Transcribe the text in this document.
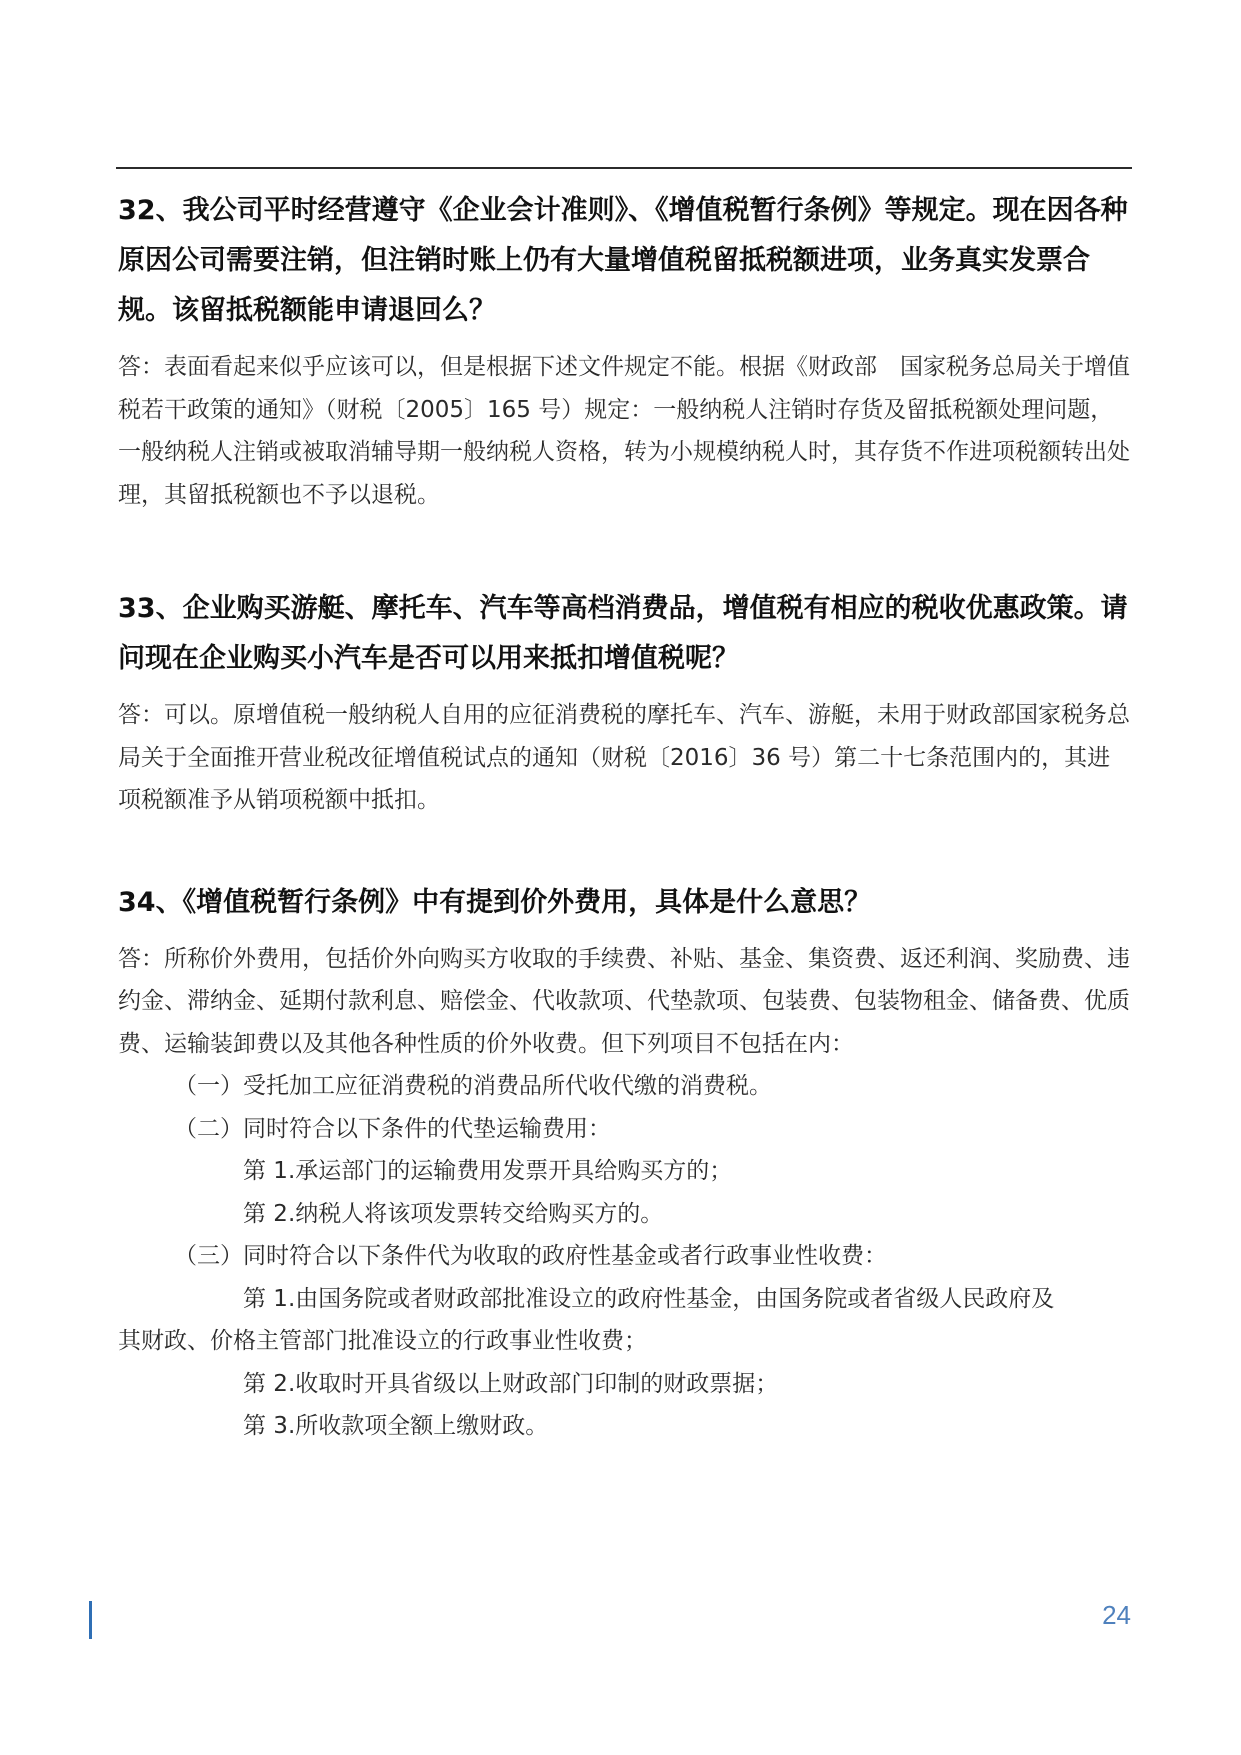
32、我公司平时经营遵守《企业会计准则》、《增值税暂行条例》等规定。现在因各种原因公司需要注销，但注销时账上仍有大量增值税留抵税额进项，业务真实发票合规。该留抵税额能申请退回么？

答：表面看起来似乎应该可以，但是根据下述文件规定不能。根据《财政部　国家税务总局关于增值税若干政策的通知》（财税〔2005〕165 号）规定：一般纳税人注销时存货及留抵税额处理问题，一般纳税人注销或被取消辅导期一般纳税人资格，转为小规模纳税人时，其存货不作进项税额转出处理，其留抵税额也不予以退税。

33、企业购买游艇、摩托车、汽车等高档消费品，增值税有相应的税收优惠政策。请问现在企业购买小汽车是否可以用来抵扣增值税呢？

答：可以。原增值税一般纳税人自用的应征消费税的摩托车、汽车、游艇，未用于财政部国家税务总局关于全面推开营业税改征增值税试点的通知（财税〔2016〕36 号）第二十七条范围内的，其进项税额准予从销项税额中抵扣。

34、《增值税暂行条例》中有提到价外费用，具体是什么意思？

答：所称价外费用，包括价外向购买方收取的手续费、补贴、基金、集资费、返还利润、奖励费、违约金、滞纳金、延期付款利息、赔偿金、代收款项、代垫款项、包装费、包装物租金、储备费、优质费、运输装卸费以及其他各种性质的价外收费。但下列项目不包括在内：

（一）受托加工应征消费税的消费品所代收代缴的消费税。
（二）同时符合以下条件的代垫运输费用：
第 1.承运部门的运输费用发票开具给购买方的；
第 2.纳税人将该项发票转交给购买方的。
（三）同时符合以下条件代为收取的政府性基金或者行政事业性收费：
第 1.由国务院或者财政部批准设立的政府性基金，由国务院或者省级人民政府及
其财政、价格主管部门批准设立的行政事业性收费；
第 2.收取时开具省级以上财政部门印制的财政票据；
第 3.所收款项全额上缴财政。
24
